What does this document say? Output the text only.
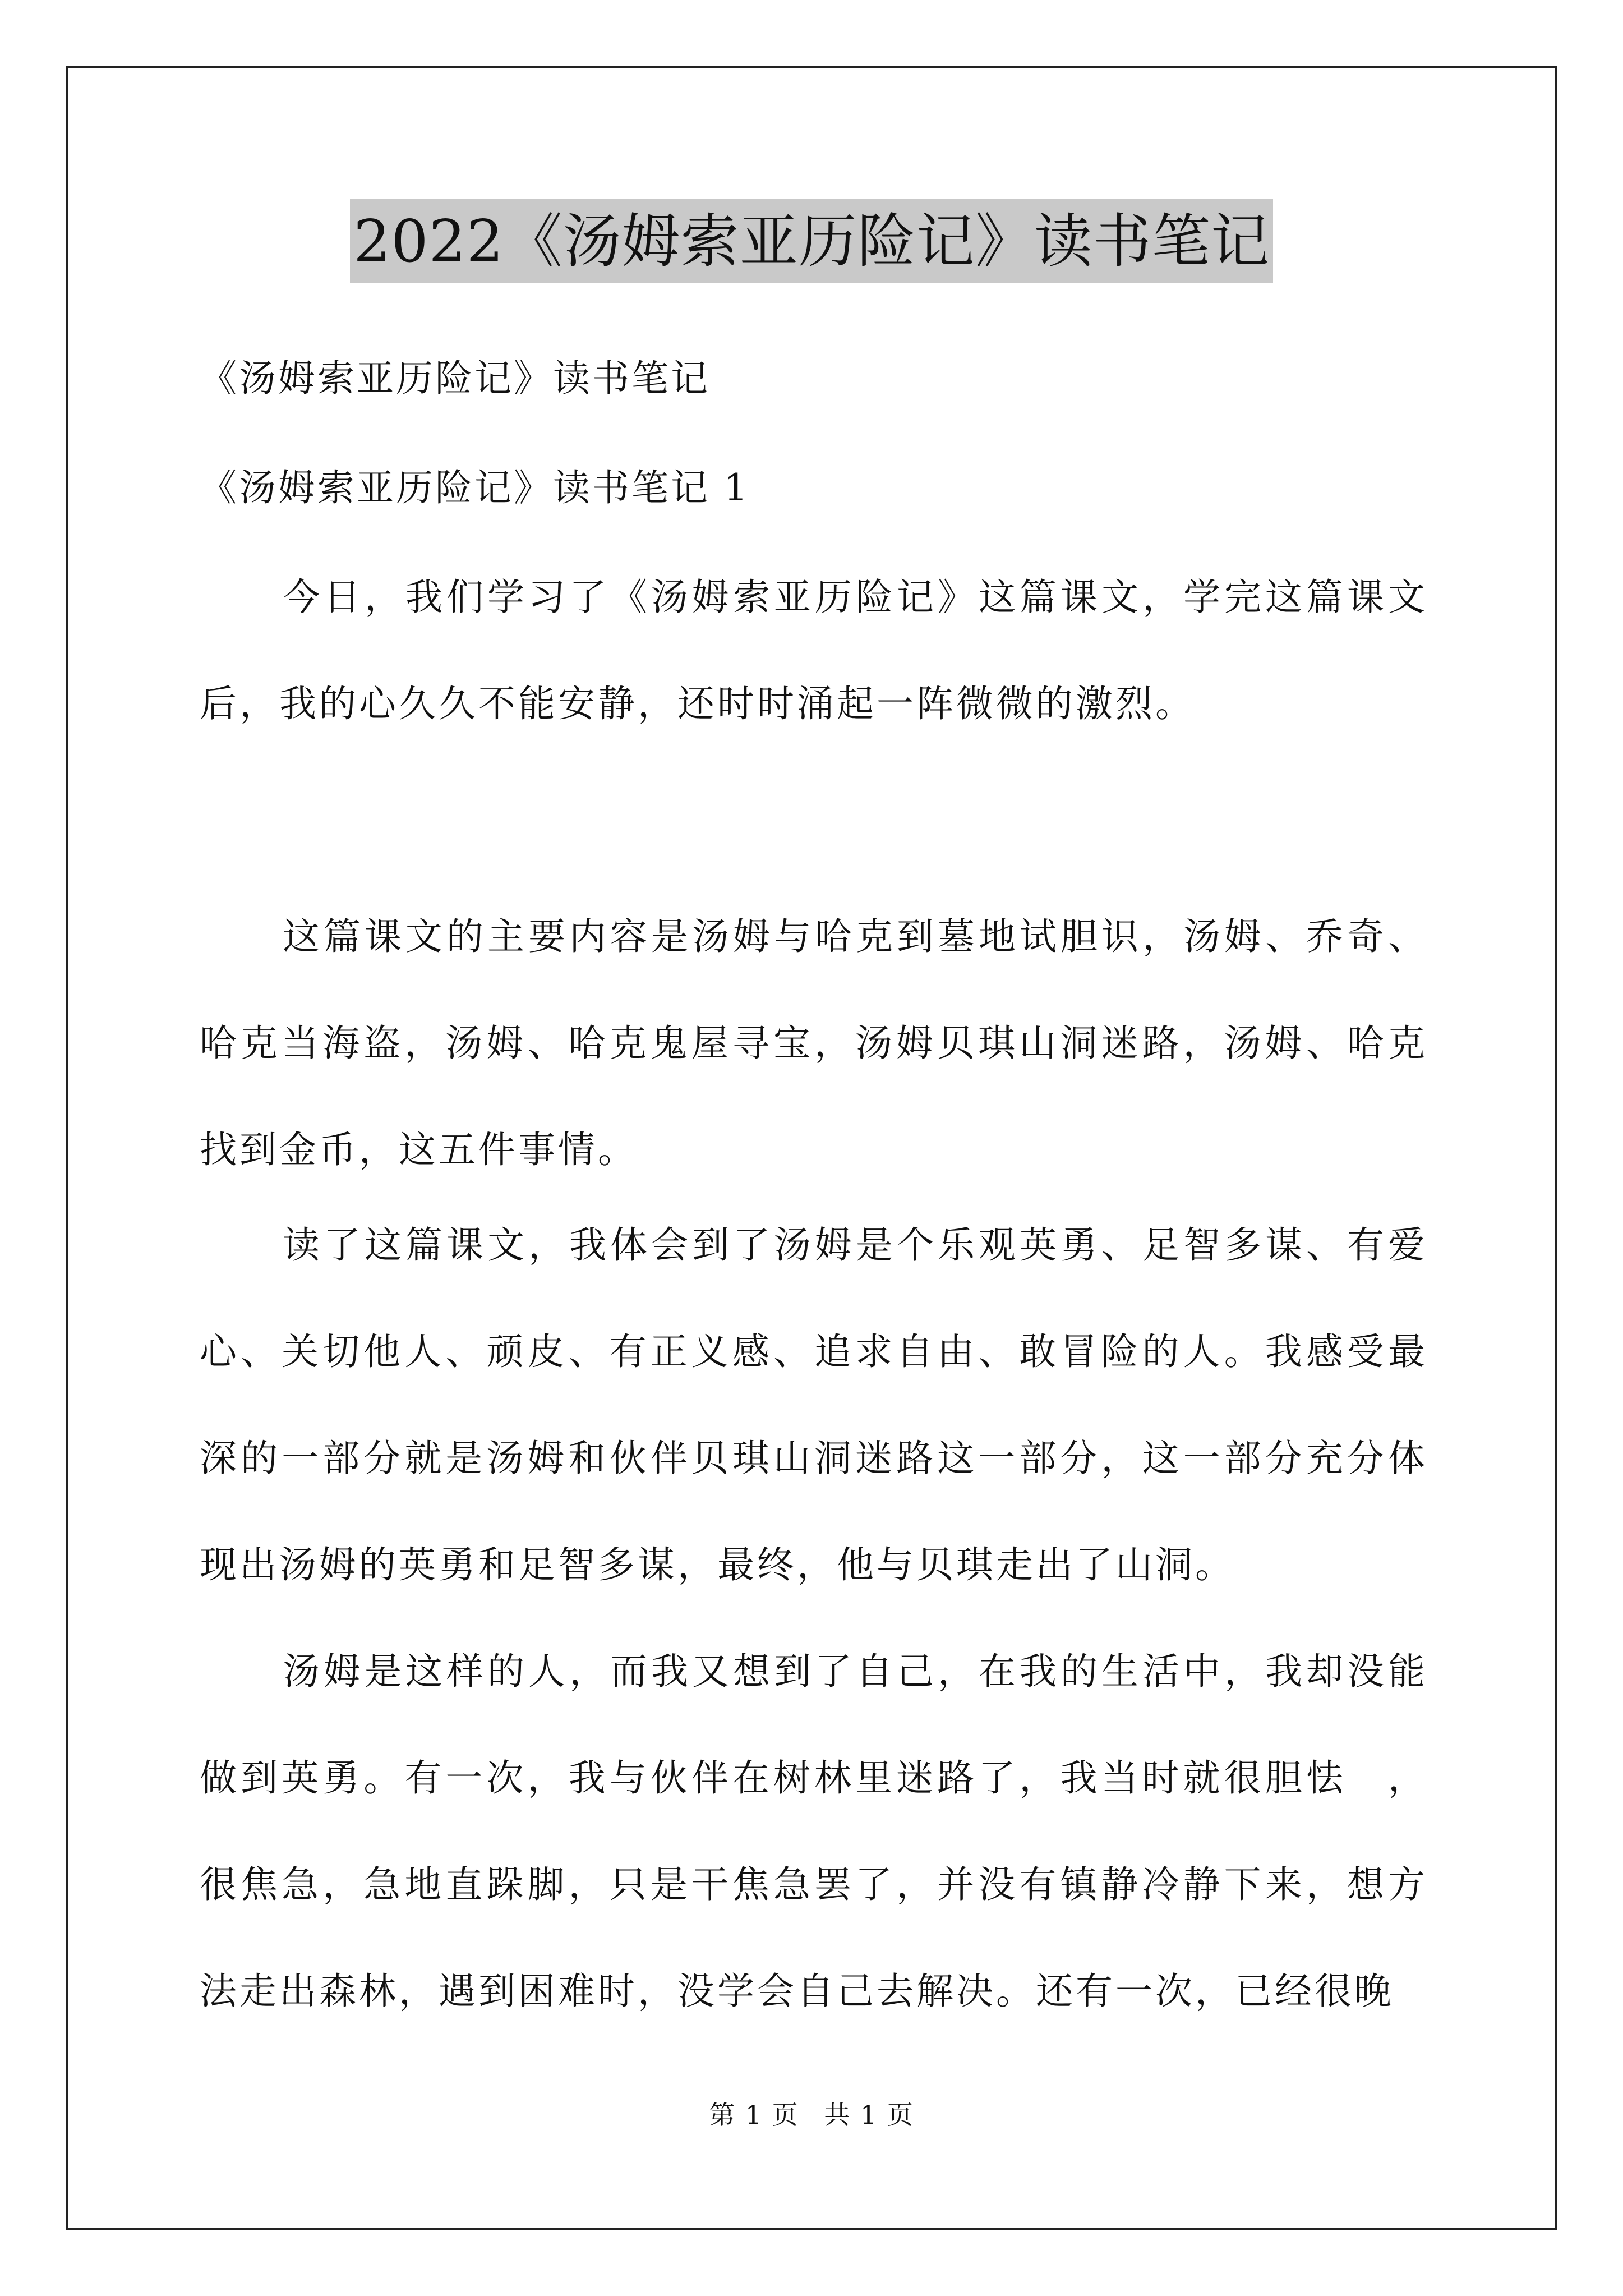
2022《汤姆索亚历险记》读书笔记
《汤姆索亚历险记》读书笔记
《汤姆索亚历险记》读书笔记 1

今日，我们学习了《汤姆索亚历险记》这篇课文，学完这篇课文后，我的心久久不能安静，还时时涌起一阵微微的激烈。

这篇课文的主要内容是汤姆与哈克到墓地试胆识，汤姆、乔奇、哈克当海盗，汤姆、哈克鬼屋寻宝，汤姆贝琪山洞迷路，汤姆、哈克找到金币，这五件事情。

读了这篇课文，我体会到了汤姆是个乐观英勇、足智多谋、有爱心、关切他人、顽皮、有正义感、追求自由、敢冒险的人。我感受最深的一部分就是汤姆和伙伴贝琪山洞迷路这一部分，这一部分充分体现出汤姆的英勇和足智多谋，最终，他与贝琪走出了山洞。

汤姆是这样的人，而我又想到了自己，在我的生活中，我却没能做到英勇。有一次，我与伙伴在树林里迷路了，我当时就很胆怯　，很焦急，急地直跺脚，只是干焦急罢了，并没有镇静冷静下来，想方法走出森林，遇到困难时，没学会自己去解决。还有一次，已经很晚

第 1 页 共 1 页
